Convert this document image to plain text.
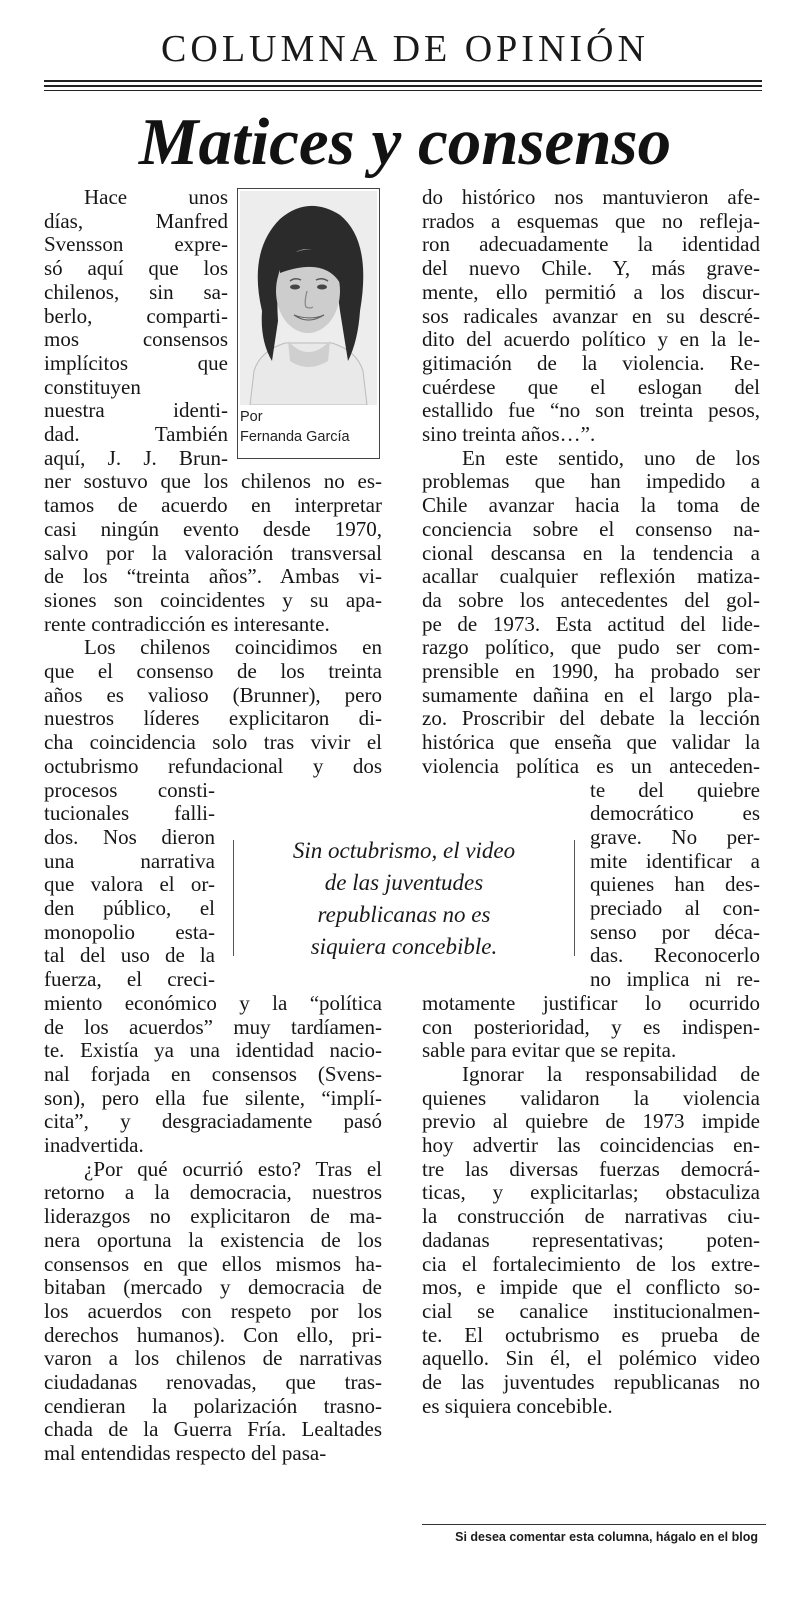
COLUMNA DE OPINIÓN
Matices y consenso
Hace unos
días, Manfred
Svensson expre-
só aquí que los
chilenos, sin sa-
berlo, comparti-
mos consensos
implícitos que
constituyen
nuestra identi-
dad. También
aquí, J. J. Brun-
ner sostuvo que los chilenos no es-
tamos de acuerdo en interpretar
casi ningún evento desde 1970,
salvo por la valoración transversal
de los “treinta años”. Ambas vi-
siones son coincidentes y su apa-
rente contradicción es interesante.
Los chilenos coincidimos en
que el consenso de los treinta
años es valioso (Brunner), pero
nuestros líderes explicitaron di-
cha coincidencia solo tras vivir el
octubrismo refundacional y dos
procesos consti-
tucionales falli-
dos. Nos dieron
una narrativa
que valora el or-
den público, el
monopolio esta-
tal del uso de la
fuerza, el creci-
miento económico y la “política
de los acuerdos” muy tardíamen-
te. Existía ya una identidad nacio-
nal forjada en consensos (Svens-
son), pero ella fue silente, “implí-
cita”, y desgraciadamente pasó
inadvertida.
¿Por qué ocurrió esto? Tras el
retorno a la democracia, nuestros
liderazgos no explicitaron de ma-
nera oportuna la existencia de los
consensos en que ellos mismos ha-
bitaban (mercado y democracia de
los acuerdos con respeto por los
derechos humanos). Con ello, pri-
varon a los chilenos de narrativas
ciudadanas renovadas, que tras-
cendieran la polarización trasno-
chada de la Guerra Fría. Lealtades
mal entendidas respecto del pasa-
do histórico nos mantuvieron afe-
rrados a esquemas que no refleja-
ron adecuadamente la identidad
del nuevo Chile. Y, más grave-
mente, ello permitió a los discur-
sos radicales avanzar en su descré-
dito del acuerdo político y en la le-
gitimación de la violencia. Re-
cuérdese que el eslogan del
estallido fue “no son treinta pesos,
sino treinta años…”.
En este sentido, uno de los
problemas que han impedido a
Chile avanzar hacia la toma de
conciencia sobre el consenso na-
cional descansa en la tendencia a
acallar cualquier reflexión matiza-
da sobre los antecedentes del gol-
pe de 1973. Esta actitud del lide-
razgo político, que pudo ser com-
prensible en 1990, ha probado ser
sumamente dañina en el largo pla-
zo. Proscribir del debate la lección
histórica que enseña que validar la
violencia política es un anteceden-
te del quiebre
democrático es
grave. No per-
mite identificar a
quienes han des-
preciado al con-
senso por déca-
das. Reconocerlo
no implica ni re-
motamente justificar lo ocurrido
con posterioridad, y es indispen-
sable para evitar que se repita.
Ignorar la responsabilidad de
quienes validaron la violencia
previo al quiebre de 1973 impide
hoy advertir las coincidencias en-
tre las diversas fuerzas democrá-
ticas, y explicitarlas; obstaculiza
la construcción de narrativas ciu-
dadanas representativas; poten-
cia el fortalecimiento de los extre-
mos, e impide que el conflicto so-
cial se canalice institucionalmen-
te. El octubrismo es prueba de
aquello. Sin él, el polémico video
de las juventudes republicanas no
es siquiera concebible.
Por
Fernanda García
Sin octubrismo, el video
de las juventudes
republicanas no es
siquiera concebible.
Si desea comentar esta columna, hágalo en el blog
